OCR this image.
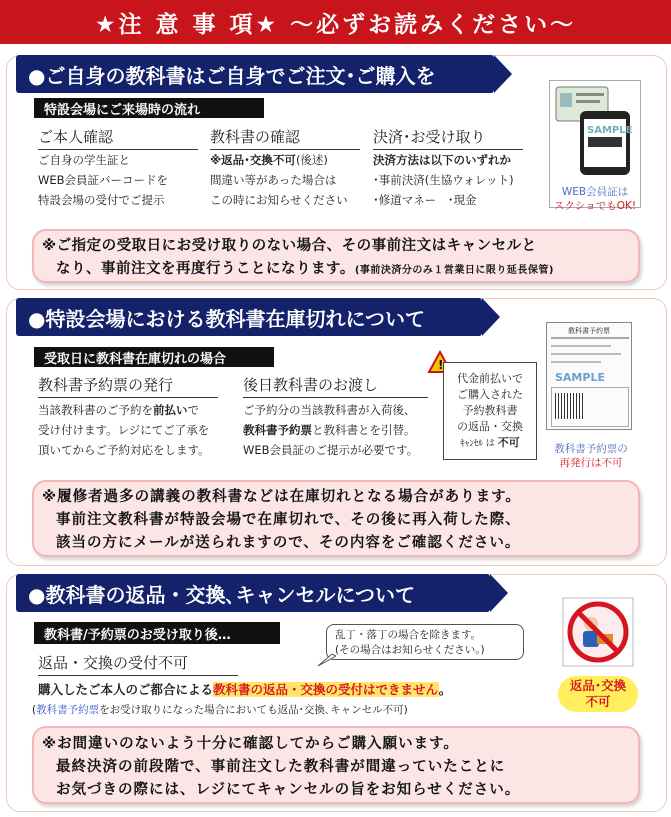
★注 意 事 項★ ～必ずお読みください～
●ご自身の教科書はご自身でご注文･ご購入を
特設会場にご来場時の流れ
ご本人確認
ご自身の学生証と
WEB会員証バーコードを
特設会場の受付でご提示
教科書の確認
※返品･交換不可(後述)
間違い等があった場合は
この時にお知らせください
決済･お受け取り
決済方法は以下のいずれか
･事前決済(生協ウォレット)
･修道マネー　･現金
SAMPLE
WEB会員証は
スクショでもOK!
※ご指定の受取日にお受け取りのない場合、その事前注文はキャンセルと
なり、事前注文を再度行うことになります。(事前決済分のみ１営業日に限り延長保管)
●特設会場における教科書在庫切れについて
受取日に教科書在庫切れの場合
教科書予約票の発行
当該教科書のご予約を前払いで
受け付けます。レジにてご了承を
頂いてからご予約対応をします。
後日教科書のお渡し
ご予約分の当該教科書が入荷後、
教科書予約票と教科書とを引替。
WEB会員証のご提示が必要です。
!
代金前払いで
ご購入された
予約教科書
の返品・交換
ｷｬﾝｾﾙ は 不可
教科書予約票
SAMPLE
教科書予約票の
再発行は不可
※履修者過多の講義の教科書などは在庫切れとなる場合があります。
事前注文教科書が特設会場で在庫切れで、その後に再入荷した際、
該当の方にメールが送られますので、その内容をご確認ください。
●教科書の返品・交換､キャンセルについて
教科書/予約票のお受け取り後…
返品・交換の受付不可
乱丁・落丁の場合を除きます。
(その場合はお知らせください。)
購入したご本人のご都合による教科書の返品・交換の受付はできません。
(教科書予約票をお受け取りになった場合においても返品･交換､キャンセル不可)
返品･交換
不可
※お間違いのないよう十分に確認してからご購入願います。
最終決済の前段階で、事前注文した教科書が間違っていたことに
お気づきの際には、レジにてキャンセルの旨をお知らせください。
